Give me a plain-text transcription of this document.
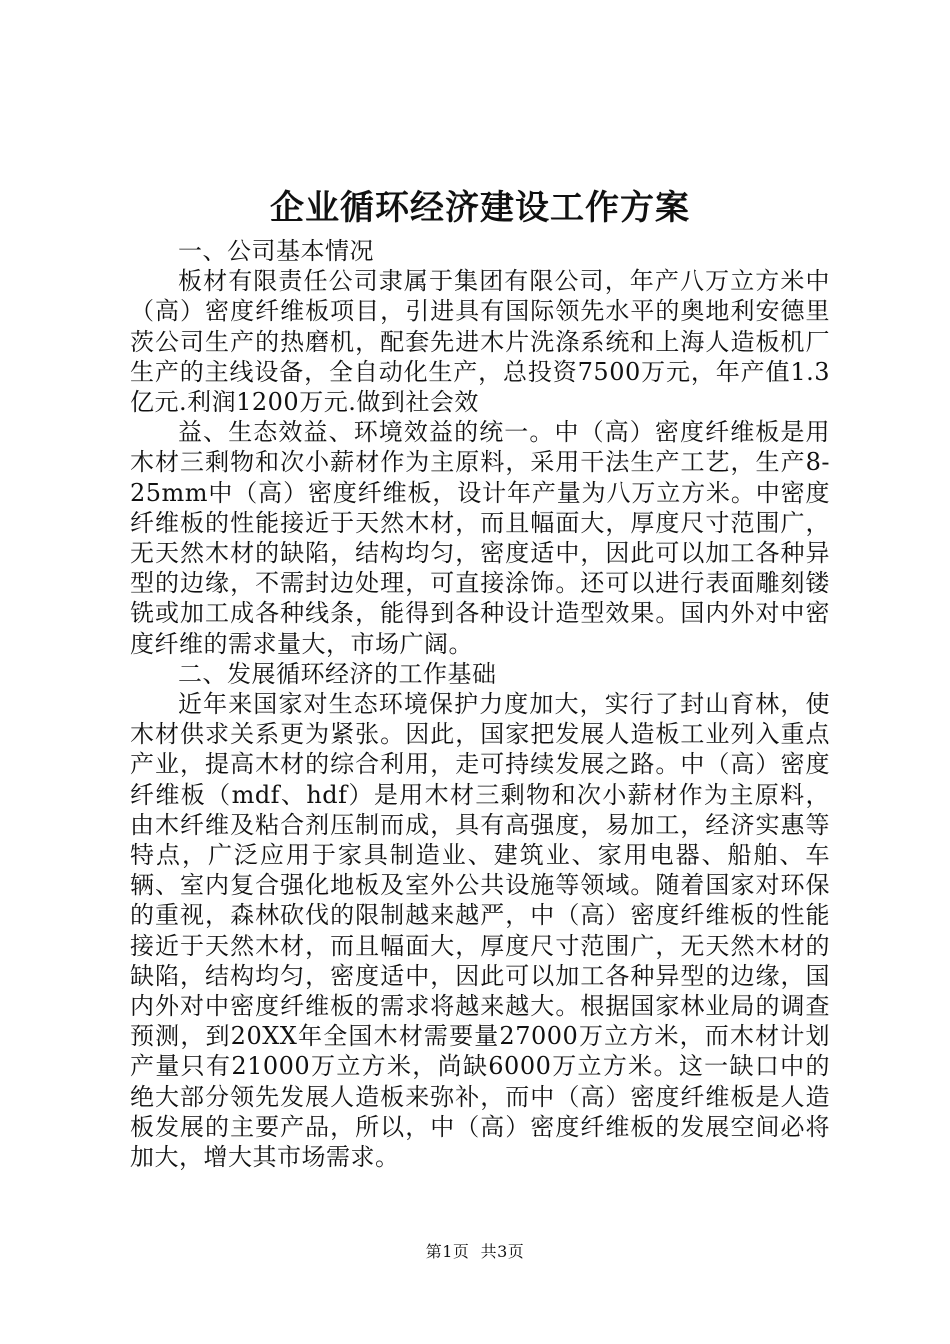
企业循环经济建设工作方案

一、公司基本情况

板材有限责任公司隶属于集团有限公司，年产八万立方米中（高）密度纤维板项目，引进具有国际领先水平的奥地利安德里茨公司生产的热磨机，配套先进木片洗涤系统和上海人造板机厂生产的主线设备，全自动化生产，总投资7500万元，年产值1.3亿元.利润1200万元.做到社会效

益、生态效益、环境效益的统一。中（高）密度纤维板是用木材三剩物和次小薪材作为主原料，采用干法生产工艺，生产8-25mm中（高）密度纤维板，设计年产量为八万立方米。中密度纤维板的性能接近于天然木材，而且幅面大，厚度尺寸范围广，无天然木材的缺陷，结构均匀，密度适中，因此可以加工各种异型的边缘，不需封边处理，可直接涂饰。还可以进行表面雕刻镂铣或加工成各种线条，能得到各种设计造型效果。国内外对中密度纤维的需求量大，市场广阔。

二、发展循环经济的工作基础

近年来国家对生态环境保护力度加大，实行了封山育林，使木材供求关系更为紧张。因此，国家把发展人造板工业列入重点产业，提高木材的综合利用，走可持续发展之路。中（高）密度纤维板（mdf、hdf）是用木材三剩物和次小薪材作为主原料，由木纤维及粘合剂压制而成，具有高强度，易加工，经济实惠等特点，广泛应用于家具制造业、建筑业、家用电器、船舶、车辆、室内复合强化地板及室外公共设施等领域。随着国家对环保的重视，森林砍伐的限制越来越严，中（高）密度纤维板的性能接近于天然木材，而且幅面大，厚度尺寸范围广，无天然木材的缺陷，结构均匀，密度适中，因此可以加工各种异型的边缘，国内外对中密度纤维板的需求将越来越大。根据国家林业局的调查预测，到20XX年全国木材需要量27000万立方米，而木材计划产量只有21000万立方米，尚缺6000万立方米。这一缺口中的绝大部分领先发展人造板来弥补，而中（高）密度纤维板是人造板发展的主要产品，所以，中（高）密度纤维板的发展空间必将加大，增大其市场需求。

第1页  共3页
